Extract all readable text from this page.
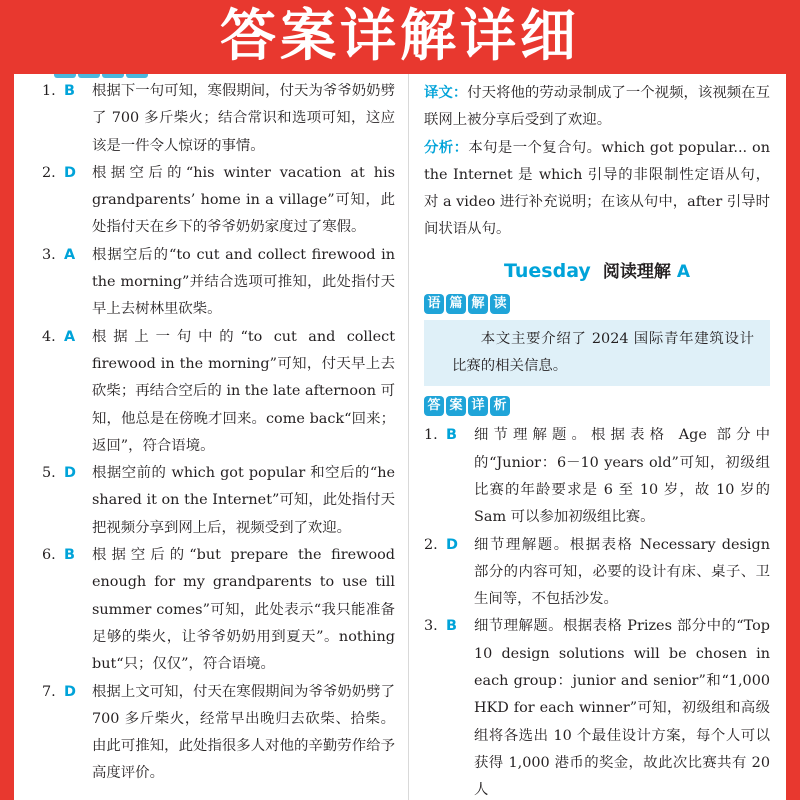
答案详解详细
1. B	根据下一句可知，寒假期间，付天为爷爷奶奶劈了 700 多斤柴火；结合常识和选项可知，这应该是一件令人惊讶的事情。
2. D	根据空后的“his winter vacation at his grandparents’ home in a village”可知，此处指付天在乡下的爷爷奶奶家度过了寒假。
3. A	根据空后的“to cut and collect firewood in the morning”并结合选项可推知，此处指付天早上去树林里砍柴。
4. A	根据上一句中的“to cut and collect firewood in the morning”可知，付天早上去砍柴；再结合空后的 in the late afternoon 可知，他总是在傍晚才回来。come back“回来；返回”，符合语境。
5. D	根据空前的 which got popular 和空后的“he shared it on the Internet”可知，此处指付天把视频分享到网上后，视频受到了欢迎。
6. B	根据空后的“but prepare the firewood enough for my grandparents to use till summer comes”可知，此处表示“我只能准备足够的柴火，让爷爷奶奶用到夏天”。nothing but“只；仅仅”，符合语境。
7. D	根据上文可知，付天在寒假期间为爷爷奶奶劈了 700 多斤柴火，经常早出晚归去砍柴、拾柴。由此可推知，此处指很多人对他的辛勤劳作给予高度评价。
译文：付天将他的劳动录制成了一个视频，该视频在互联网上被分享后受到了欢迎。
分析：本句是一个复合句。which got popular... on the Internet 是 which 引导的非限制性定语从句，对 a video 进行补充说明；在该从句中，after 引导时间状语从句。
Tuesday 阅读理解 A
语 篇 解 读
本文主要介绍了 2024 国际青年建筑设计比赛的相关信息。
答 案 详 析
1. B	细节理解题。根据表格 Age 部分中的“Junior：6－10 years old”可知，初级组比赛的年龄要求是 6 至 10 岁，故 10 岁的 Sam 可以参加初级组比赛。
2. D	细节理解题。根据表格 Necessary design 部分的内容可知，必要的设计有床、桌子、卫生间等，不包括沙发。
3. B	细节理解题。根据表格 Prizes 部分中的“Top 10 design solutions will be chosen in each group：junior and senior”和“1,000 HKD for each winner”可知，初级组和高级组将各选出 10 个最佳设计方案，每个人可以获得 1,000 港币的奖金，故此次比赛共有 20 人
